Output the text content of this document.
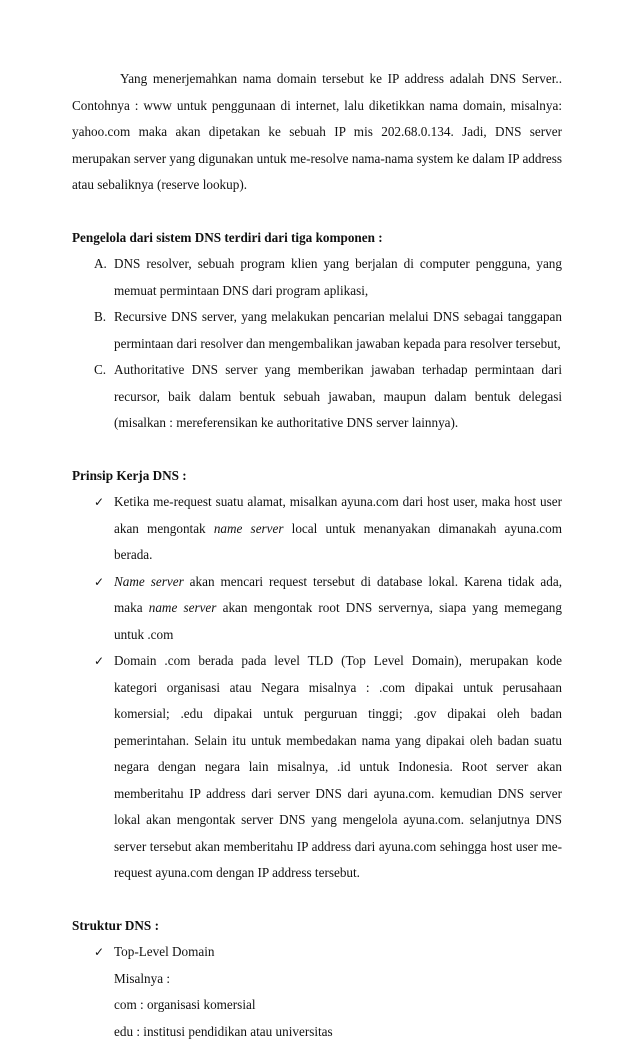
Yang menerjemahkan nama domain tersebut ke IP address adalah DNS Server.. Contohnya : www untuk penggunaan di internet, lalu diketikkan nama domain, misalnya: yahoo.com maka akan dipetakan ke sebuah IP mis 202.68.0.134. Jadi, DNS server merupakan server yang digunakan untuk me-resolve nama-nama system ke dalam IP address atau sebaliknya (reserve lookup).

Pengelola dari sistem DNS terdiri dari tiga komponen :

A. DNS resolver, sebuah program klien yang berjalan di computer pengguna, yang memuat permintaan DNS dari program aplikasi,
B. Recursive DNS server, yang melakukan pencarian melalui DNS sebagai tanggapan permintaan dari resolver dan mengembalikan jawaban kepada para resolver tersebut,
C. Authoritative DNS server yang memberikan jawaban terhadap permintaan dari recursor, baik dalam bentuk sebuah jawaban, maupun dalam bentuk delegasi (misalkan : mereferensikan ke authoritative DNS server lainnya).

Prinsip Kerja DNS :

✓ Ketika me-request suatu alamat, misalkan ayuna.com dari host user, maka host user akan mengontak name server local untuk menanyakan dimanakah ayuna.com berada.
✓ Name server akan mencari request tersebut di database lokal. Karena tidak ada, maka name server akan mengontak root DNS servernya, siapa yang memegang untuk .com
✓ Domain .com berada pada level TLD (Top Level Domain), merupakan kode kategori organisasi atau Negara misalnya : .com dipakai untuk perusahaan komersial; .edu dipakai untuk perguruan tinggi; .gov dipakai oleh badan pemerintahan. Selain itu untuk membedakan nama yang dipakai oleh badan suatu negara dengan negara lain misalnya, .id untuk Indonesia. Root server akan memberitahu IP address dari server DNS dari ayuna.com. kemudian DNS server lokal akan mengontak server DNS yang mengelola ayuna.com. selanjutnya DNS server tersebut akan memberitahu IP address dari ayuna.com sehingga host user me-request ayuna.com dengan IP address tersebut.

Struktur DNS :

✓ Top-Level Domain

Misalnya :

com : organisasi komersial

edu : institusi pendidikan atau universitas
